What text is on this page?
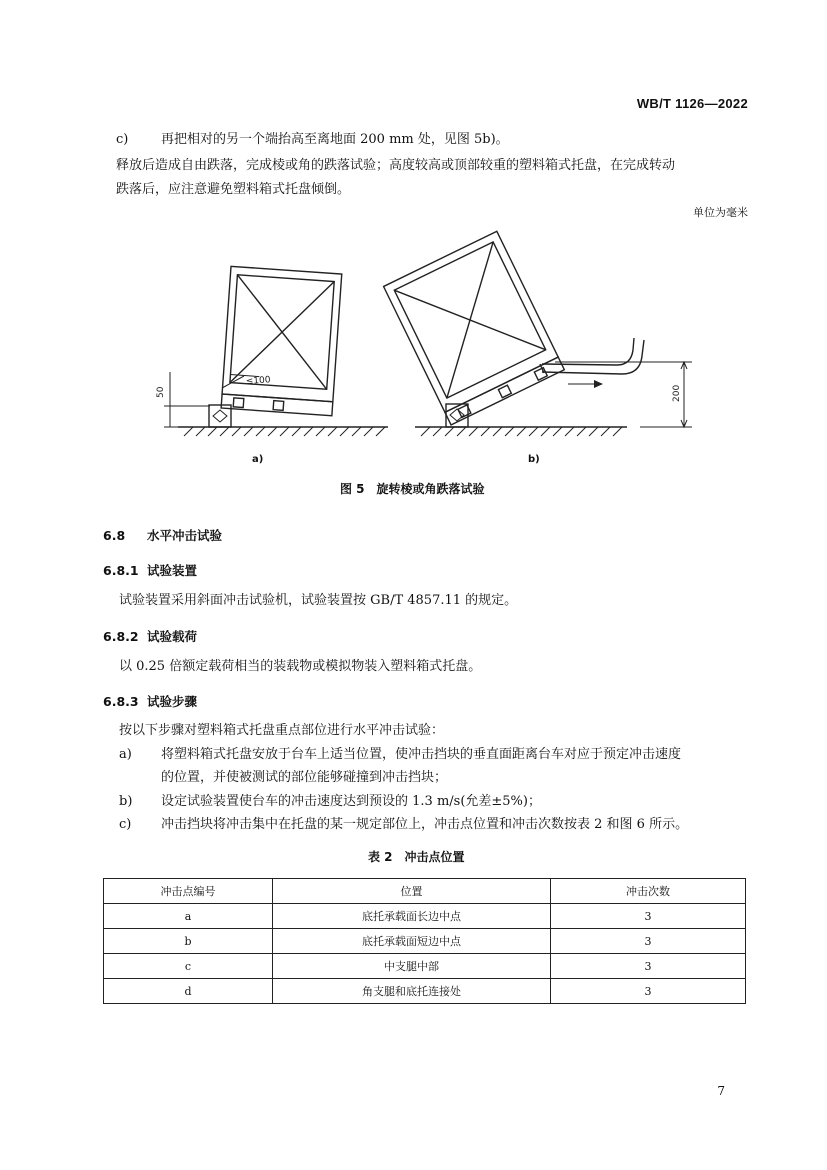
WB/T 1126—2022
c)	再把相对的另一个端抬高至离地面 200 mm 处，见图 5b)。
释放后造成自由跌落，完成棱或角的跌落试验；高度较高或顶部较重的塑料箱式托盘，在完成转动
跌落后，应注意避免塑料箱式托盘倾倒。
单位为毫米
50
≤100
200
a)	b)
图 5　旋转棱或角跌落试验
6.8 水平冲击试验
6.8.1 试验装置
试验装置采用斜面冲击试验机，试验装置按 GB/T 4857.11 的规定。
6.8.2 试验载荷
以 0.25 倍额定载荷相当的装载物或模拟物装入塑料箱式托盘。
6.8.3 试验步骤
按以下步骤对塑料箱式托盘重点部位进行水平冲击试验：
a) 将塑料箱式托盘安放于台车上适当位置，使冲击挡块的垂直面距离台车对应于预定冲击速度
的位置，并使被测试的部位能够碰撞到冲击挡块；
b) 设定试验装置使台车的冲击速度达到预设的 1.3 m/s(允差±5%)；
c) 冲击挡块将冲击集中在托盘的某一规定部位上，冲击点位置和冲击次数按表 2 和图 6 所示。
表 2　冲击点位置
冲击点编号	位置	冲击次数
a	底托承载面长边中点	3
b	底托承载面短边中点	3
c	中支腿中部	3
d	角支腿和底托连接处	3
7
